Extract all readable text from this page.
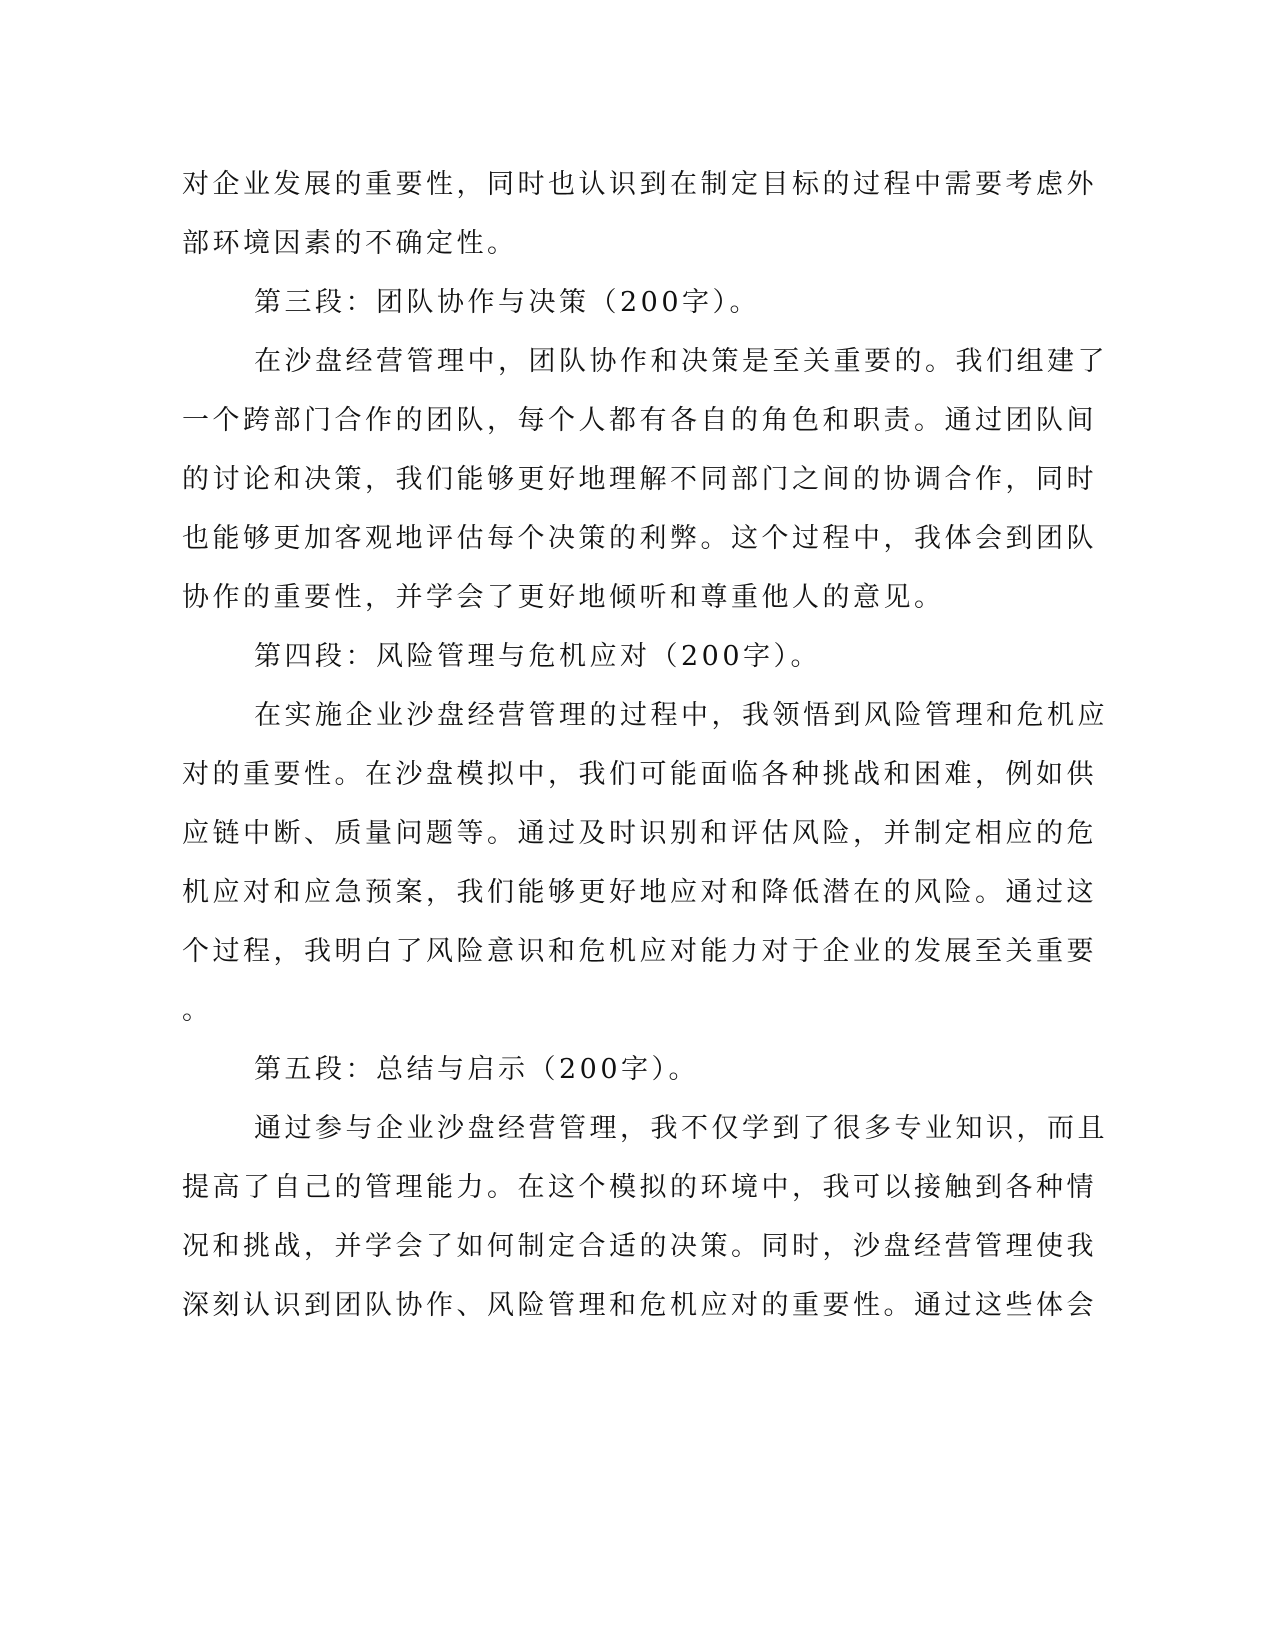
对企业发展的重要性，同时也认识到在制定目标的过程中需要考虑外
部环境因素的不确定性。
第三段：团队协作与决策（200字）。
在沙盘经营管理中，团队协作和决策是至关重要的。我们组建了
一个跨部门合作的团队，每个人都有各自的角色和职责。通过团队间
的讨论和决策，我们能够更好地理解不同部门之间的协调合作，同时
也能够更加客观地评估每个决策的利弊。这个过程中，我体会到团队
协作的重要性，并学会了更好地倾听和尊重他人的意见。
第四段：风险管理与危机应对（200字）。
在实施企业沙盘经营管理的过程中，我领悟到风险管理和危机应
对的重要性。在沙盘模拟中，我们可能面临各种挑战和困难，例如供
应链中断、质量问题等。通过及时识别和评估风险，并制定相应的危
机应对和应急预案，我们能够更好地应对和降低潜在的风险。通过这
个过程，我明白了风险意识和危机应对能力对于企业的发展至关重要
。
第五段：总结与启示（200字）。
通过参与企业沙盘经营管理，我不仅学到了很多专业知识，而且
提高了自己的管理能力。在这个模拟的环境中，我可以接触到各种情
况和挑战，并学会了如何制定合适的决策。同时，沙盘经营管理使我
深刻认识到团队协作、风险管理和危机应对的重要性。通过这些体会
